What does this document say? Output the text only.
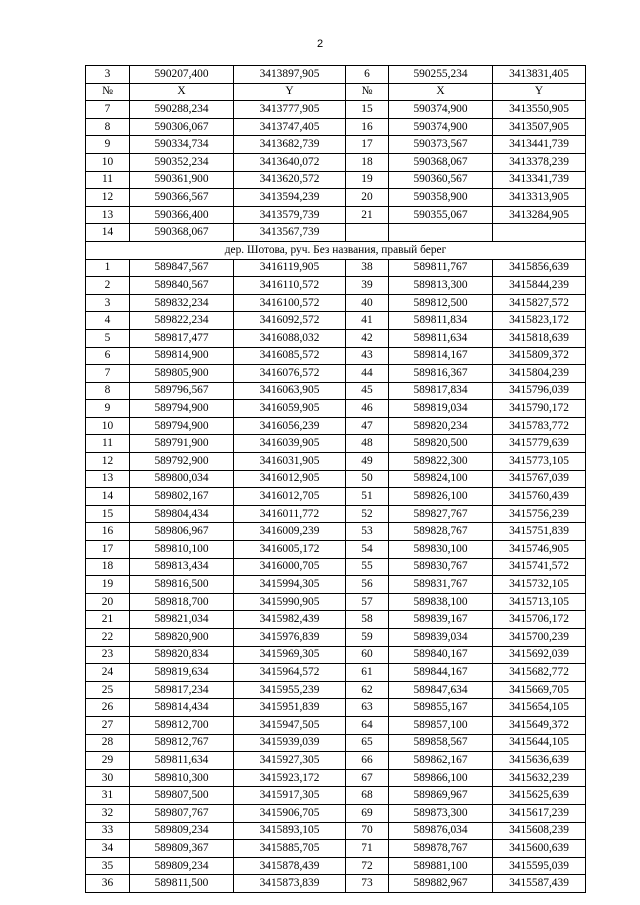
2
3	590207,400	3413897,905	6	590255,234	3413831,405
№	X	Y	№	X	Y
7	590288,234	3413777,905	15	590374,900	3413550,905
8	590306,067	3413747,405	16	590374,900	3413507,905
9	590334,734	3413682,739	17	590373,567	3413441,739
10	590352,234	3413640,072	18	590368,067	3413378,239
11	590361,900	3413620,572	19	590360,567	3413341,739
12	590366,567	3413594,239	20	590358,900	3413313,905
13	590366,400	3413579,739	21	590355,067	3413284,905
14	590368,067	3413567,739			
дер. Шотова, руч. Без названия, правый берег					
1	589847,567	3416119,905	38	589811,767	3415856,639
2	589840,567	3416110,572	39	589813,300	3415844,239
3	589832,234	3416100,572	40	589812,500	3415827,572
4	589822,234	3416092,572	41	589811,834	3415823,172
5	589817,477	3416088,032	42	589811,634	3415818,639
6	589814,900	3416085,572	43	589814,167	3415809,372
7	589805,900	3416076,572	44	589816,367	3415804,239
8	589796,567	3416063,905	45	589817,834	3415796,039
9	589794,900	3416059,905	46	589819,034	3415790,172
10	589794,900	3416056,239	47	589820,234	3415783,772
11	589791,900	3416039,905	48	589820,500	3415779,639
12	589792,900	3416031,905	49	589822,300	3415773,105
13	589800,034	3416012,905	50	589824,100	3415767,039
14	589802,167	3416012,705	51	589826,100	3415760,439
15	589804,434	3416011,772	52	589827,767	3415756,239
16	589806,967	3416009,239	53	589828,767	3415751,839
17	589810,100	3416005,172	54	589830,100	3415746,905
18	589813,434	3416000,705	55	589830,767	3415741,572
19	589816,500	3415994,305	56	589831,767	3415732,105
20	589818,700	3415990,905	57	589838,100	3415713,105
21	589821,034	3415982,439	58	589839,167	3415706,172
22	589820,900	3415976,839	59	589839,034	3415700,239
23	589820,834	3415969,305	60	589840,167	3415692,039
24	589819,634	3415964,572	61	589844,167	3415682,772
25	589817,234	3415955,239	62	589847,634	3415669,705
26	589814,434	3415951,839	63	589855,167	3415654,105
27	589812,700	3415947,505	64	589857,100	3415649,372
28	589812,767	3415939,039	65	589858,567	3415644,105
29	589811,634	3415927,305	66	589862,167	3415636,639
30	589810,300	3415923,172	67	589866,100	3415632,239
31	589807,500	3415917,305	68	589869,967	3415625,639
32	589807,767	3415906,705	69	589873,300	3415617,239
33	589809,234	3415893,105	70	589876,034	3415608,239
34	589809,367	3415885,705	71	589878,767	3415600,639
35	589809,234	3415878,439	72	589881,100	3415595,039
36	589811,500	3415873,839	73	589882,967	3415587,439
